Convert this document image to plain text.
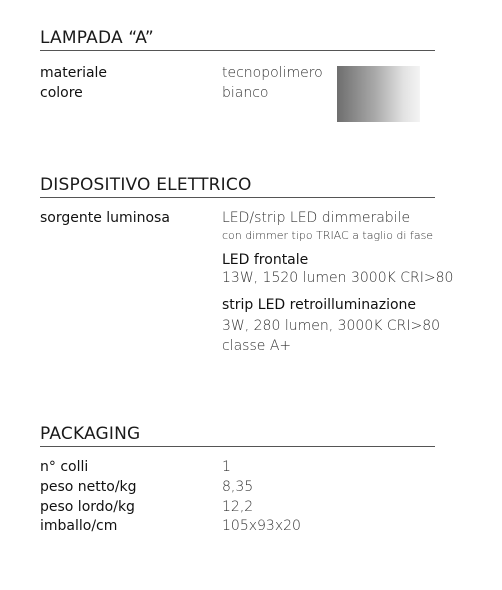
LAMPADA “A”
materiale	tecnopolimero
colore	bianco
DISPOSITIVO ELETTRICO
sorgente luminosa	LED/strip LED dimmerabile
con dimmer tipo TRIAC a taglio di fase
LED frontale
13W, 1520 lumen 3000K CRI>80
strip LED retroilluminazione
3W, 280 lumen, 3000K CRI>80
classe A+
PACKAGING
n° colli	1
peso netto/kg	8,35
peso lordo/kg	12,2
imballo/cm	105x93x20
